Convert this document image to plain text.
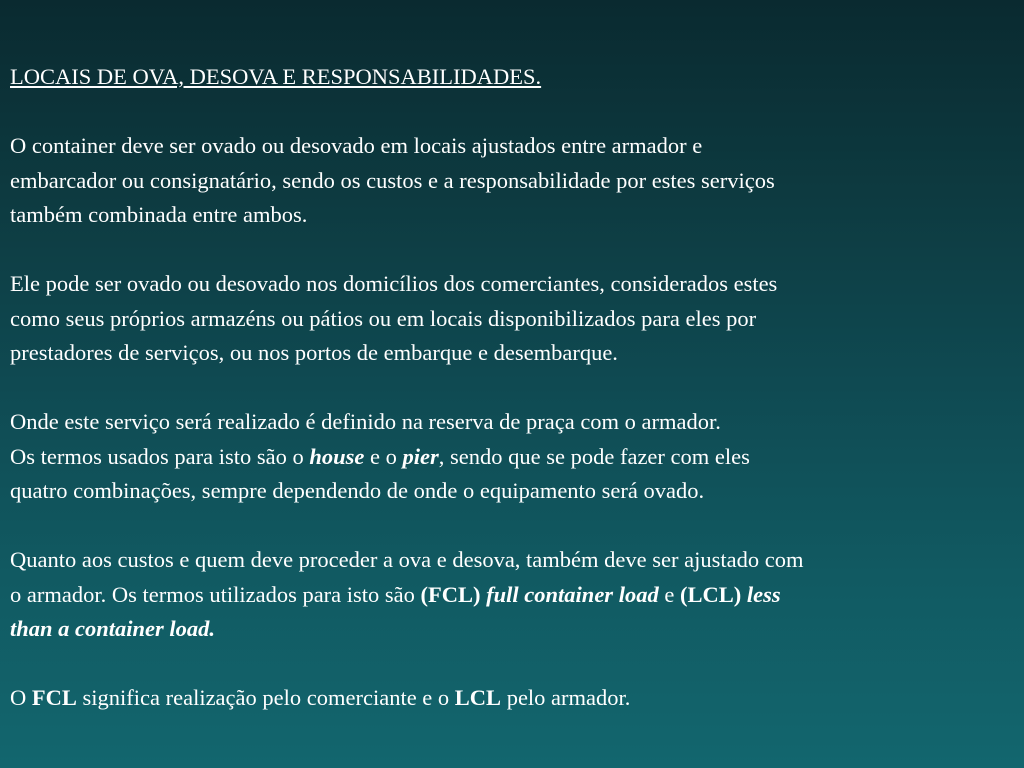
LOCAIS DE OVA, DESOVA E RESPONSABILIDADES.
O container deve ser ovado ou desovado em locais ajustados entre armador e
embarcador ou consignatário, sendo os custos e a responsabilidade por estes serviços
também combinada entre ambos.
Ele pode ser ovado ou desovado nos domicílios dos comerciantes, considerados estes
como seus próprios armazéns ou pátios ou em locais disponibilizados para eles por
prestadores de serviços, ou nos portos de embarque e desembarque.
Onde este serviço será realizado é definido na reserva de praça com o armador.
Os termos usados para isto são o house e o pier, sendo que se pode fazer com eles
quatro combinações, sempre dependendo de onde o equipamento será ovado.
Quanto aos custos e quem deve proceder a ova e desova, também deve ser ajustado com
o armador. Os termos utilizados para isto são (FCL) full container load e (LCL) less
than a container load.
O FCL significa realização pelo comerciante e o LCL pelo armador.
